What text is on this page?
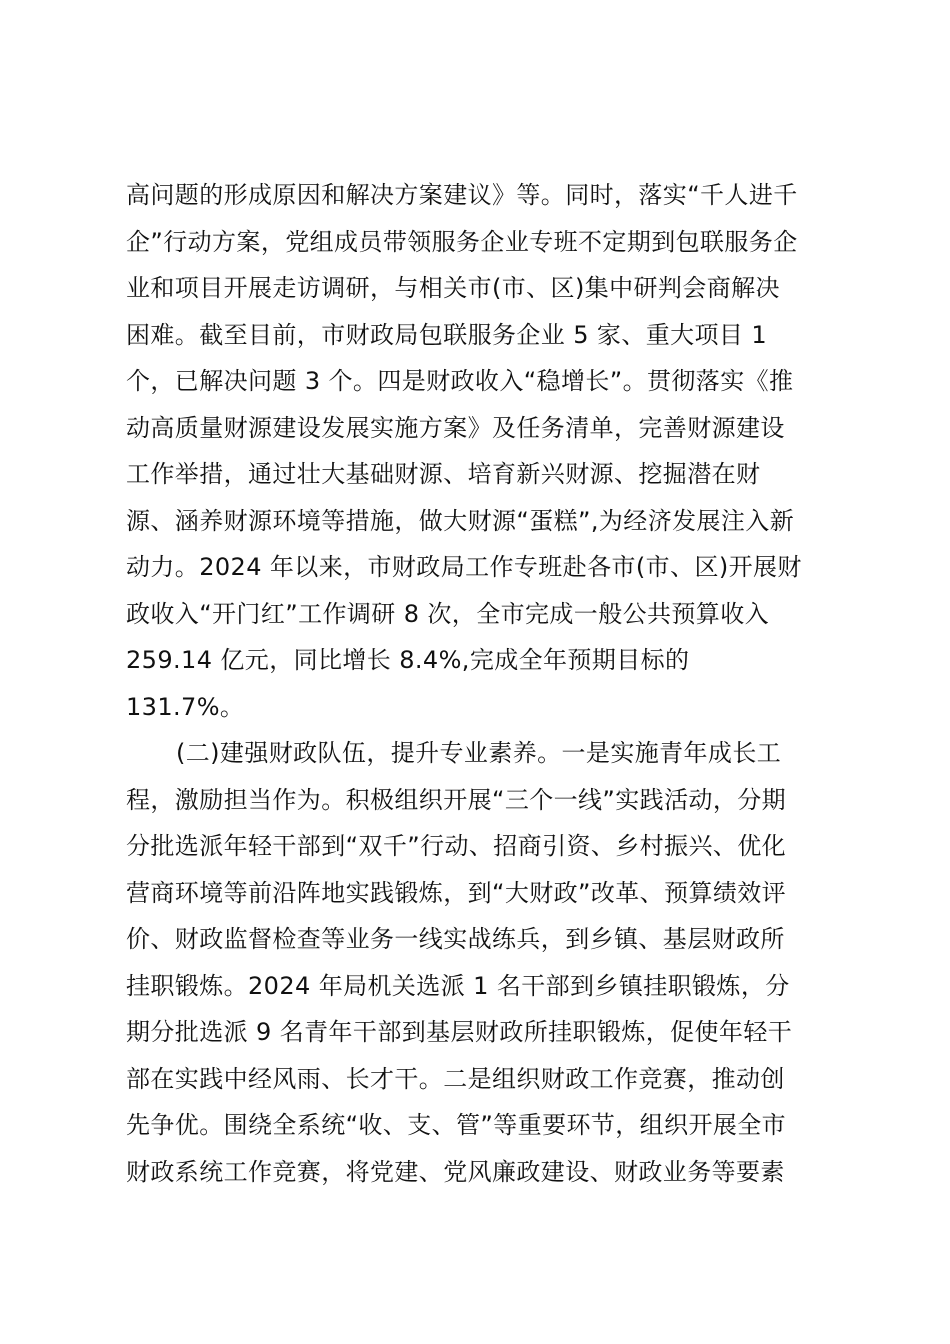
高问题的形成原因和解决方案建议》等。同时，落实“千人进千
企”行动方案，党组成员带领服务企业专班不定期到包联服务企
业和项目开展走访调研，与相关市(市、区)集中研判会商解决
困难。截至目前，市财政局包联服务企业 5 家、重大项目 1
个，已解决问题 3 个。四是财政收入“稳增长”。贯彻落实《推
动高质量财源建设发展实施方案》及任务清单，完善财源建设
工作举措，通过壮大基础财源、培育新兴财源、挖掘潜在财
源、涵养财源环境等措施，做大财源“蛋糕”,为经济发展注入新
动力。2024 年以来，市财政局工作专班赴各市(市、区)开展财
政收入“开门红”工作调研 8 次，全市完成一般公共预算收入
259.14 亿元，同比增长 8.4%,完成全年预期目标的
131.7%。
(二)建强财政队伍，提升专业素养。一是实施青年成长工
程，激励担当作为。积极组织开展“三个一线”实践活动，分期
分批选派年轻干部到“双千”行动、招商引资、乡村振兴、优化
营商环境等前沿阵地实践锻炼，到“大财政”改革、预算绩效评
价、财政监督检查等业务一线实战练兵，到乡镇、基层财政所
挂职锻炼。2024 年局机关选派 1 名干部到乡镇挂职锻炼，分
期分批选派 9 名青年干部到基层财政所挂职锻炼，促使年轻干
部在实践中经风雨、长才干。二是组织财政工作竞赛，推动创
先争优。围绕全系统“收、支、管”等重要环节，组织开展全市
财政系统工作竞赛，将党建、党风廉政建设、财政业务等要素
